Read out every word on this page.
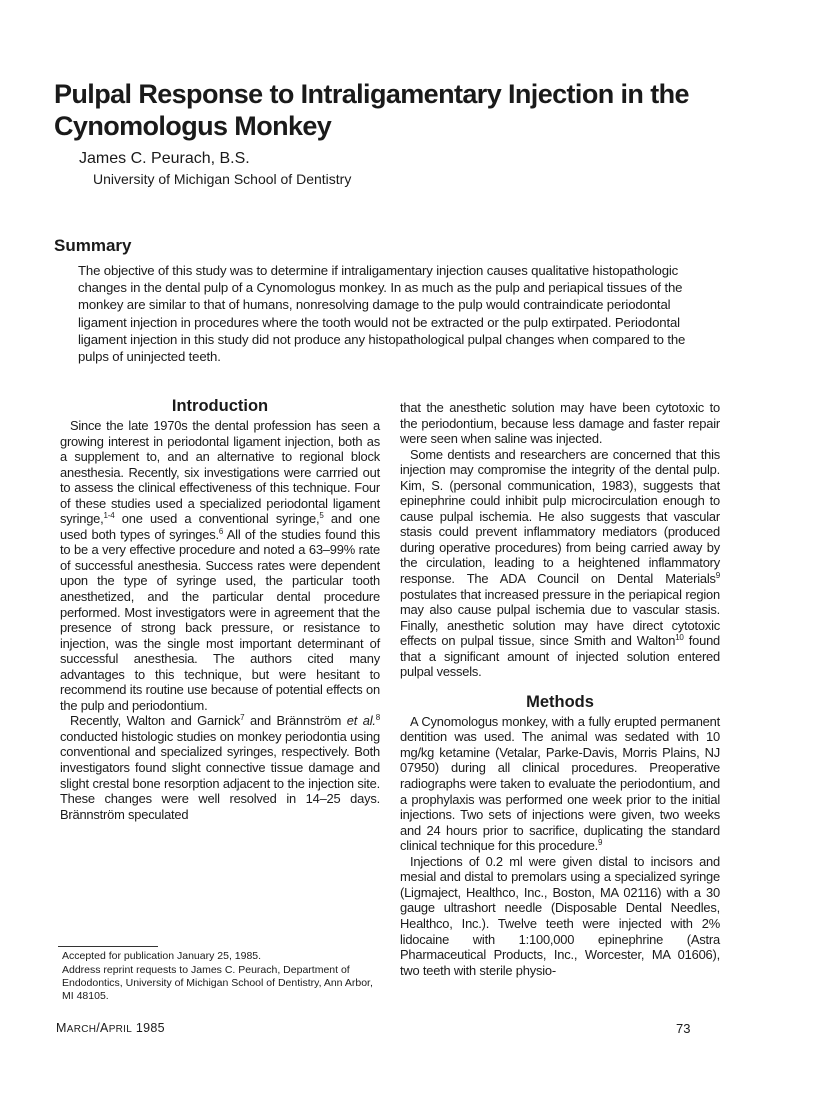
Pulpal Response to Intraligamentary Injection in the Cynomologus Monkey

James C. Peurach, B.S.

University of Michigan School of Dentistry

Summary

The objective of this study was to determine if intraligamentary injection causes qualitative histopathologic changes in the dental pulp of a Cynomologus monkey. In as much as the pulp and periapical tissues of the monkey are similar to that of humans, nonresolving damage to the pulp would contraindicate periodontal ligament injection in procedures where the tooth would not be extracted or the pulp extirpated. Periodontal ligament injection in this study did not produce any histopathological pulpal changes when compared to the pulps of uninjected teeth.

Introduction

Since the late 1970s the dental profession has seen a growing interest in periodontal ligament injection, both as a supplement to, and an alternative to regional block anesthesia. Recently, six investigations were carrried out to assess the clinical effectiveness of this technique. Four of these studies used a specialized periodontal ligament syringe,$^{1-4}$ one used a conventional syringe,$^5$ and one used both types of syringes.$^6$ All of the studies found this to be a very effective procedure and noted a 63–99% rate of successful anesthesia. Success rates were dependent upon the type of syringe used, the particular tooth anesthetized, and the particular dental procedure performed. Most investigators were in agreement that the presence of strong back pressure, or resistance to injection, was the single most important determinant of successful anesthesia. The authors cited many advantages to this technique, but were hesitant to recommend its routine use because of potential effects on the pulp and periodontium.

Recently, Walton and Garnick$^7$ and Brännström et al.$^8$ conducted histologic studies on monkey periodontia using conventional and specialized syringes, respectively. Both investigators found slight connective tissue damage and slight crestal bone resorption adjacent to the injection site. These changes were well resolved in 14–25 days. Brännström speculated

that the anesthetic solution may have been cytotoxic to the periodontium, because less damage and faster repair were seen when saline was injected.

Some dentists and researchers are concerned that this injection may compromise the integrity of the dental pulp. Kim, S. (personal communication, 1983), suggests that epinephrine could inhibit pulp microcirculation enough to cause pulpal ischemia. He also suggests that vascular stasis could prevent inflammatory mediators (produced during operative procedures) from being carried away by the circulation, leading to a heightened inflammatory response. The ADA Council on Dental Materials$^9$ postulates that increased pressure in the periapical region may also cause pulpal ischemia due to vascular stasis. Finally, anesthetic solution may have direct cytotoxic effects on pulpal tissue, since Smith and Walton$^{10}$ found that a significant amount of injected solution entered pulpal vessels.

Methods

A Cynomologus monkey, with a fully erupted permanent dentition was used. The animal was sedated with 10 mg/kg ketamine (Vetalar, Parke-Davis, Morris Plains, NJ 07950) during all clinical procedures. Preoperative radiographs were taken to evaluate the periodontium, and a prophylaxis was performed one week prior to the initial injections. Two sets of injections were given, two weeks and 24 hours prior to sacrifice, duplicating the standard clinical technique for this procedure.$^9$

Injections of 0.2 ml were given distal to incisors and mesial and distal to premolars using a specialized syringe (Ligmaject, Healthco, Inc., Boston, MA 02116) with a 30 gauge ultrashort needle (Disposable Dental Needles, Healthco, Inc.). Twelve teeth were injected with 2% lidocaine with 1:100,000 epinephrine (Astra Pharmaceutical Products, Inc., Worcester, MA 01606), two teeth with sterile physio-

Accepted for publication January 25, 1985.

Address reprint requests to James C. Peurach, Department of Endodontics, University of Michigan School of Dentistry, Ann Arbor, MI 48105.

MARCH/APRIL 1985	73
